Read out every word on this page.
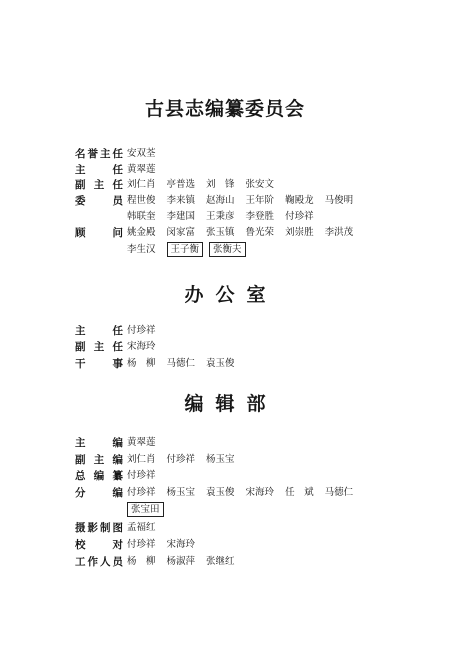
古县志编纂委员会
名誉主任 安双荃
主任 黄翠莲
副主任 刘仁肖 亭普选 刘　锋 张安文
委员 程世俊 李来镇 赵海山 王年阶 鞠殿龙 马俊明
韩联奎 李建国 王秉彦 李登胜 付珍祥
顾问 姚金殿 闵家富 张玉镇 鲁光荣 刘崇胜 李洪茂
李生汉 王子衡 张衡夫
办公室
主任 付珍祥
副主任 宋海玲
干事 杨　柳 马德仁 袁玉俊
编辑部
主编 黄翠莲
副主编 刘仁肖 付珍祥 杨玉宝
总编纂 付珍祥
分编 付珍祥 杨玉宝 袁玉俊 宋海玲 任　斌 马德仁
张宝田
摄影制图 孟福红
校对 付珍祥 宋海玲
工作人员 杨　柳 杨淑萍 张继红
